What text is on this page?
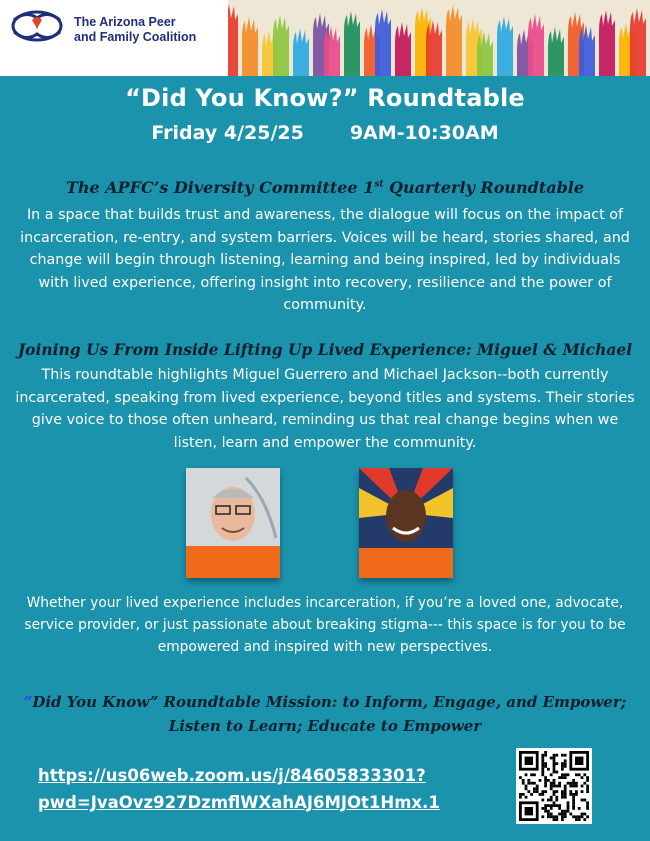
The Arizona Peer
and Family Coalition
“Did You Know?” Roundtable
Friday 4/25/25 9AM-10:30AM
The APFC’s Diversity Committee 1st Quarterly Roundtable
In a space that builds trust and awareness, the dialogue will focus on the impact of incarceration, re-entry, and system barriers. Voices will be heard, stories shared, and change will begin through listening, learning and being inspired, led by individuals with lived experience, offering insight into recovery, resilience and the power of community.
Joining Us From Inside Lifting Up Lived Experience: Miguel & Michael
This roundtable highlights Miguel Guerrero and Michael Jackson--both currently incarcerated, speaking from lived experience, beyond titles and systems. Their stories give voice to those often unheard, reminding us that real change begins when we listen, learn and empower the community.
Whether your lived experience includes incarceration, if you’re a loved one, advocate, service provider, or just passionate about breaking stigma--- this space is for you to be empowered and inspired with new perspectives.
“Did You Know” Roundtable Mission: to Inform, Engage, and Empower; Listen to Learn; Educate to Empower
https://us06web.zoom.us/j/84605833301?
pwd=JvaOvz927DzmflWXahAJ6MJOt1Hmx.1
